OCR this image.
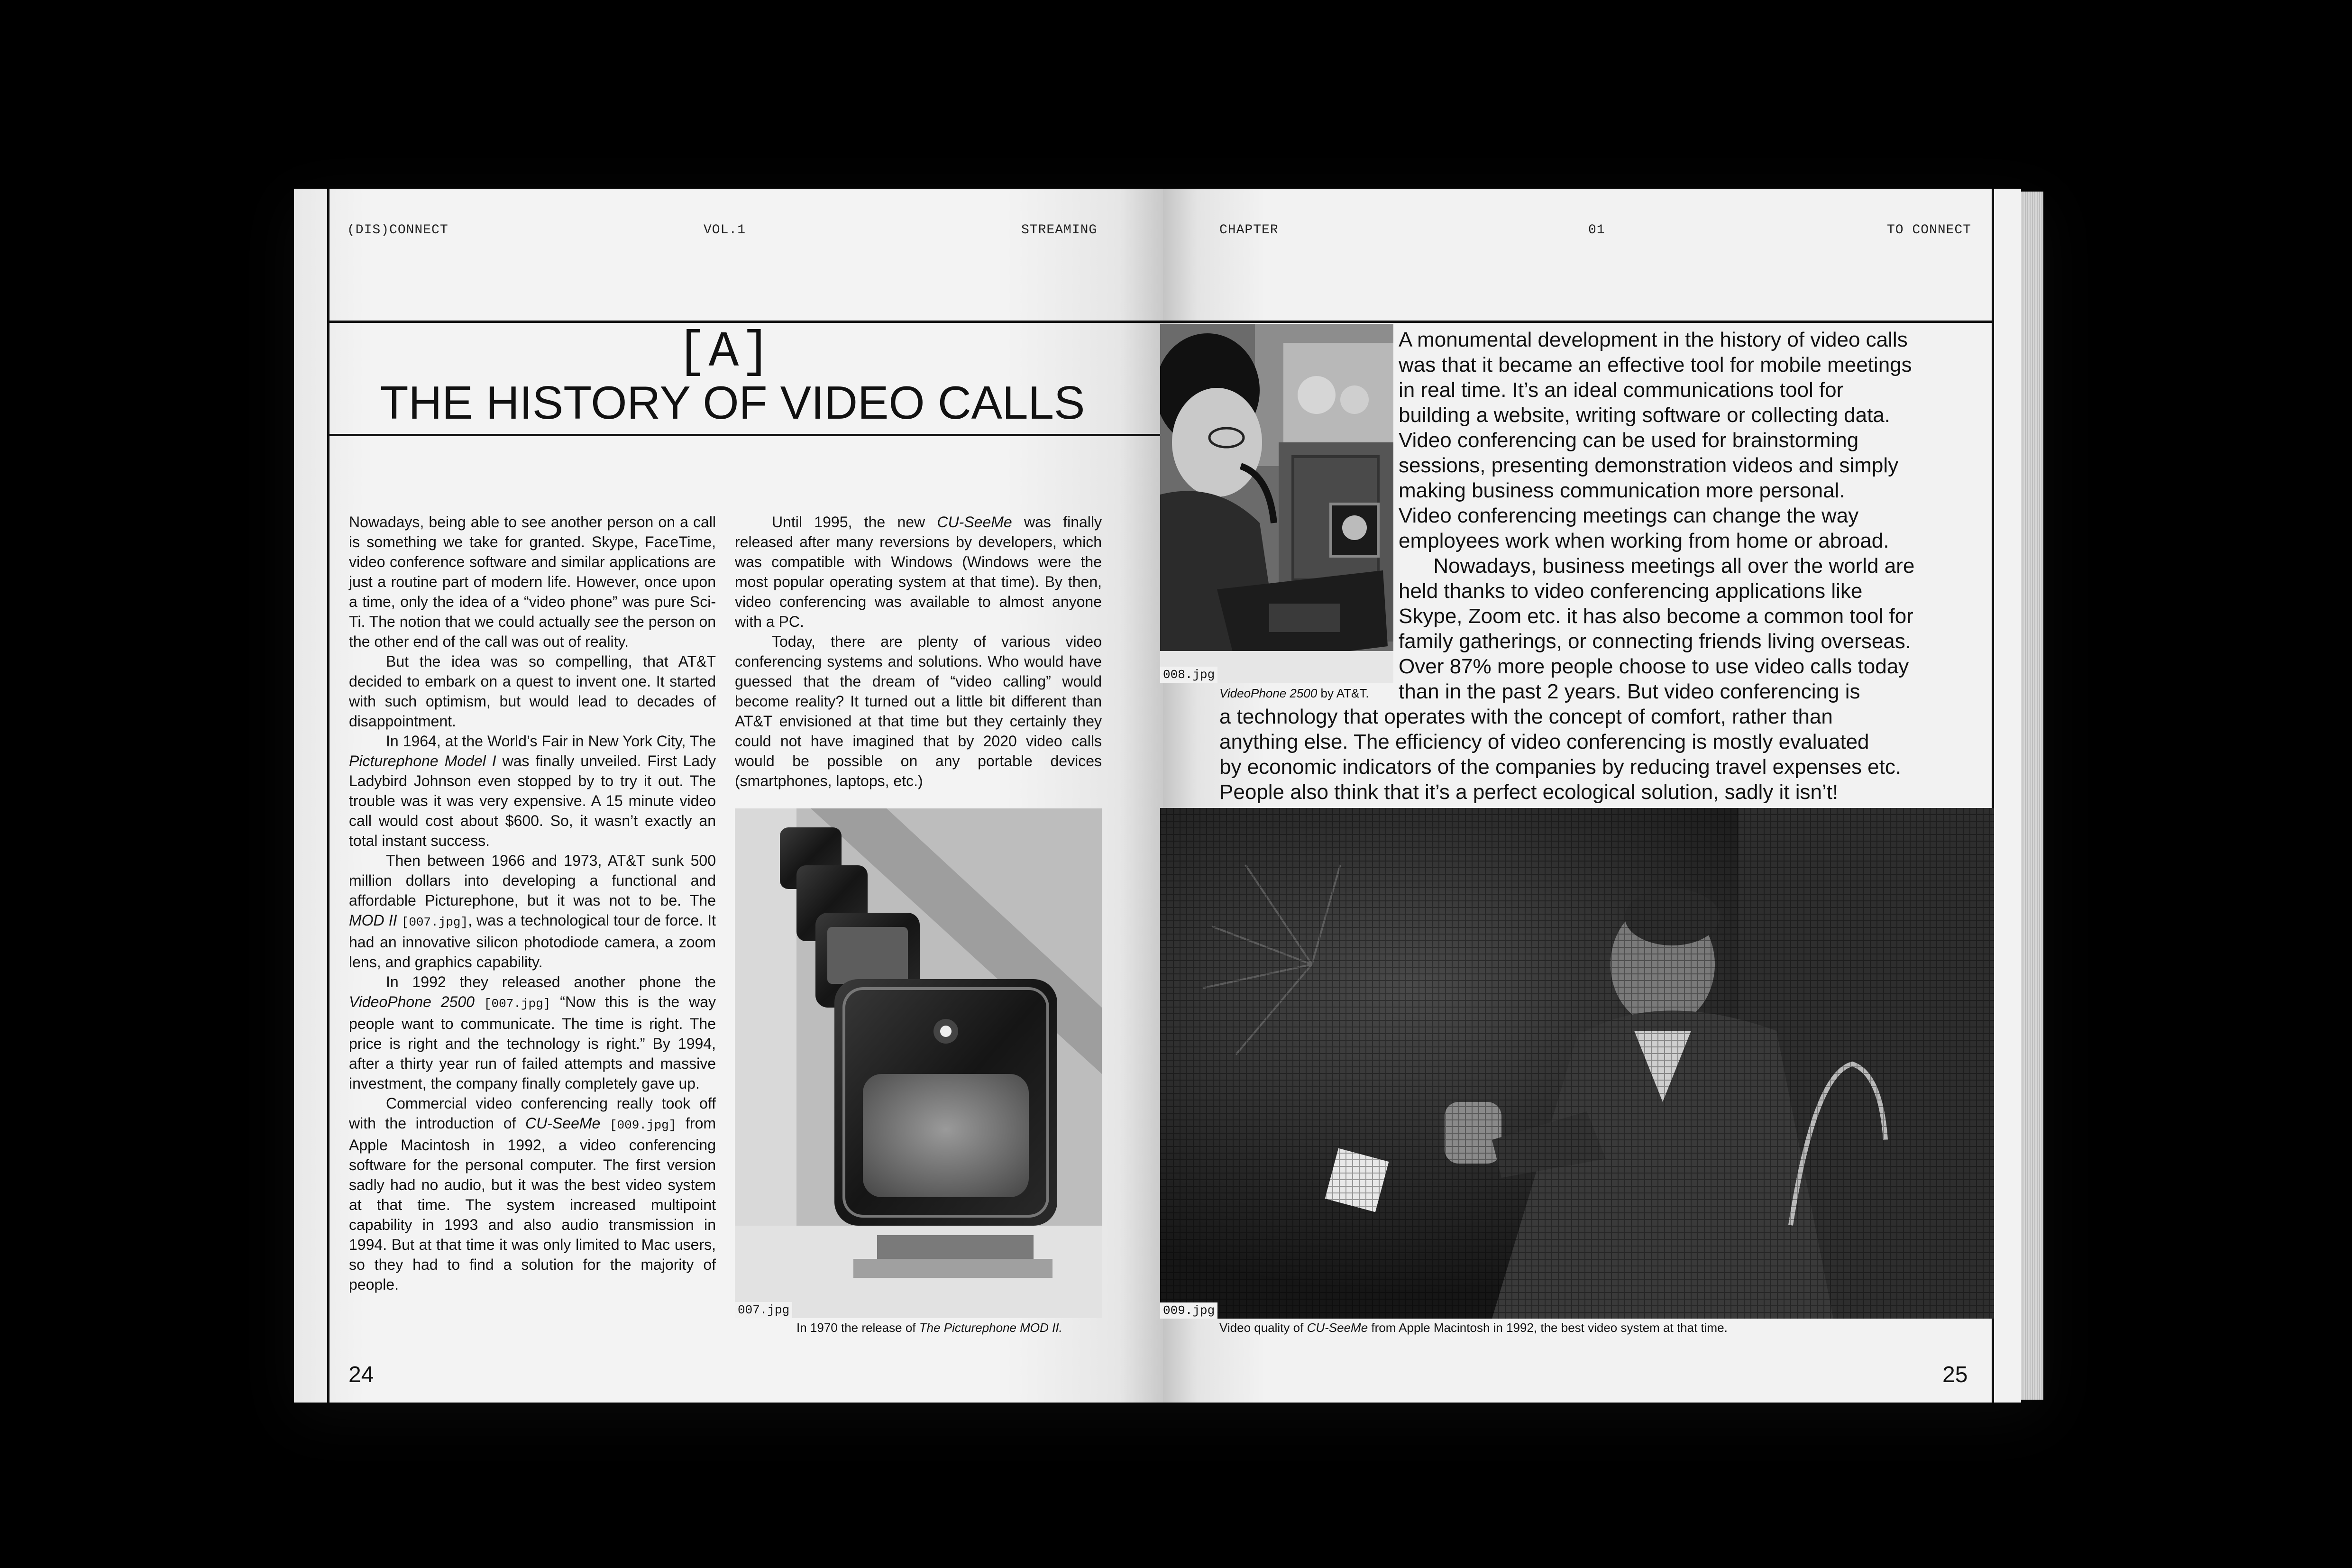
(DIS)CONNECT	VOL.1	STREAMING	CHAPTER	01	TO CONNECT
[A]
THE HISTORY OF VIDEO CALLS

Nowadays, being able to see another person on a call is something we take for granted. Skype, FaceTime, video conference software and similar applications are just a routine part of modern life. However, once upon a time, only the idea of a “video phone” was pure Sci-Ti. The notion that we could actually see the person on the other end of the call was out of reality.

But the idea was so compelling, that AT&T decided to embark on a quest to invent one. It started with such optimism, but would lead to decades of disappointment.

In 1964, at the World’s Fair in New York City, The Picturephone Model I was finally unveiled. First Lady Ladybird Johnson even stopped by to try it out. The trouble was it was very expensive. A 15 minute video call would cost about $600. So, it wasn’t exactly an total instant success.

Then between 1966 and 1973, AT&T sunk 500 million dollars into developing a functional and affordable Picturephone, but it was not to be. The MOD II [007.jpg], was a technological tour de force. It had an innovative silicon photodiode camera, a zoom lens, and graphics capability.

In 1992 they released another phone the VideoPhone 2500 [007.jpg] “Now this is the way people want to communicate. The time is right. The price is right and the technology is right.” By 1994, after a thirty year run of failed attempts and massive investment, the company finally completely gave up.

Commercial video conferencing really took off with the introduction of CU-SeeMe [009.jpg] from Apple Macintosh in 1992, a video conferencing software for the personal computer. The first version sadly had no audio, but it was the best video system at that time. The system increased multipoint capability in 1993 and also audio transmission in 1994. But at that time it was only limited to Mac users, so they had to find a solution for the majority of people.

Until 1995, the new CU-SeeMe was finally released after many reversions by developers, which was compatible with Windows (Windows were the most popular operating system at that time). By then, video conferencing was available to almost anyone with a PC.

Today, there are plenty of various video conferencing systems and solutions. Who would have guessed that the dream of “video calling” would become reality? It turned out a little bit different than AT&T envisioned at that time but they certainly they could not have imagined that by 2020 video calls would be possible on any portable devices (smartphones, laptops, etc.)

007.jpg
In 1970 the release of The Picturephone MOD II.
008.jpg
VideoPhone 2500 by AT&T.

A monumental development in the history of video calls

was that it became an effective tool for mobile meetings

in real time. It’s an ideal communications tool for

building a website, writing software or collecting data.

Video conferencing can be used for brainstorming

sessions, presenting demonstration videos and simply

making business communication more personal.

Video conferencing meetings can change the way

employees work when working from home or abroad.

Nowadays, business meetings all over the world are

held thanks to video conferencing applications like

Skype, Zoom etc. it has also become a common tool for

family gatherings, or connecting friends living overseas.

Over 87% more people choose to use video calls today

than in the past 2 years. But video conferencing is

a technology that operates with the concept of comfort, rather than

anything else. The efficiency of video conferencing is mostly evaluated

by economic indicators of the companies by reducing travel expenses etc.

People also think that it’s a perfect ecological solution, sadly it isn’t!

009.jpg
Video quality of CU-SeeMe from Apple Macintosh in 1992, the best video system at that time.
24	25
